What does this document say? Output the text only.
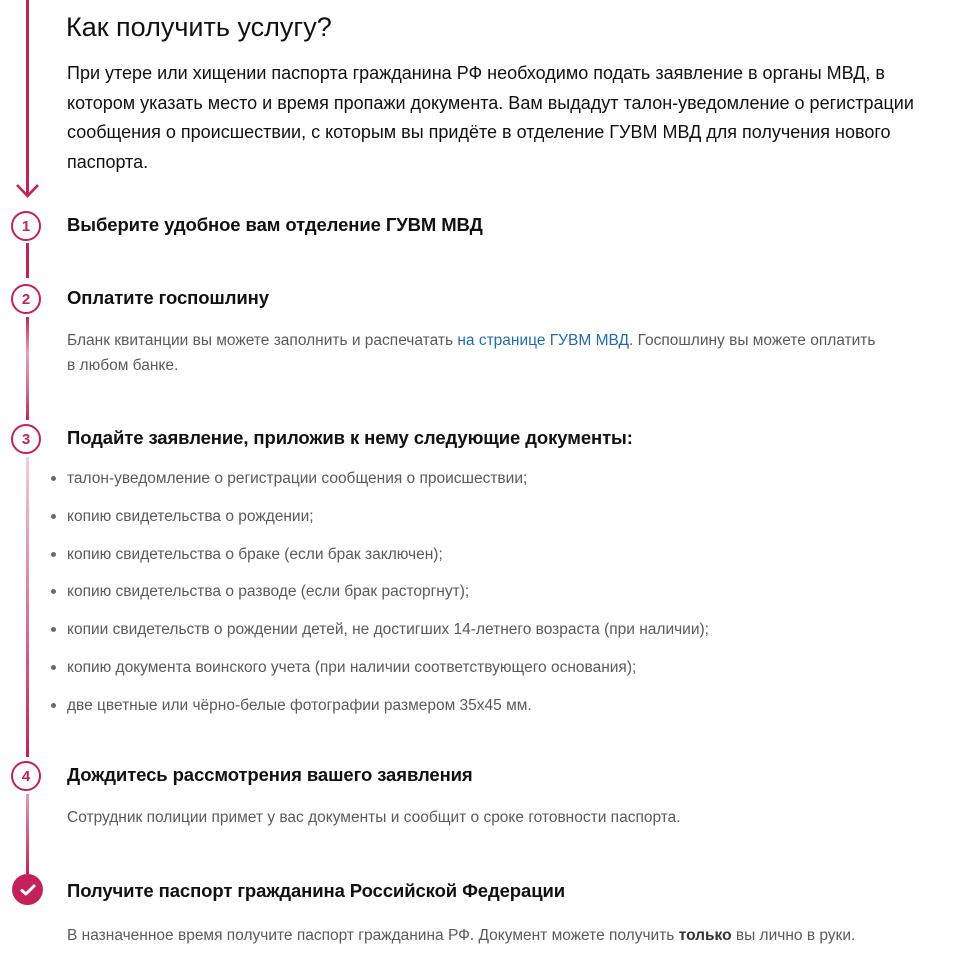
1
2
3
4
Как получить услугу?

При утере или хищении паспорта гражданина РФ необходимо подать заявление в органы МВД, в котором указать место и время пропажи документа. Вам выдадут талон-уведомление о регистрации сообщения о происшествии, с которым вы придёте в отделение ГУВМ МВД для получения нового паспорта.

Выберите удобное вам отделение ГУВМ МВД
Оплатите госпошлину

Бланк квитанции вы можете заполнить и распечатать на странице ГУВМ МВД. Госпошлину вы можете оплатить в любом банке.

Подайте заявление, приложив к нему следующие документы:
талон-уведомление о регистрации сообщения о происшествии;
копию свидетельства о рождении;
копию свидетельства о браке (если брак заключен);
копию свидетельства о разводе (если брак расторгнут);
копии свидетельств о рождении детей, не достигших 14-летнего возраста (при наличии);
копию документа воинского учета (при наличии соответствующего основания);
две цветные или чёрно-белые фотографии размером 35х45 мм.
Дождитесь рассмотрения вашего заявления

Сотрудник полиции примет у вас документы и сообщит о сроке готовности паспорта.

Получите паспорт гражданина Российской Федерации

В назначенное время получите паспорт гражданина РФ. Документ можете получить только вы лично в руки.
